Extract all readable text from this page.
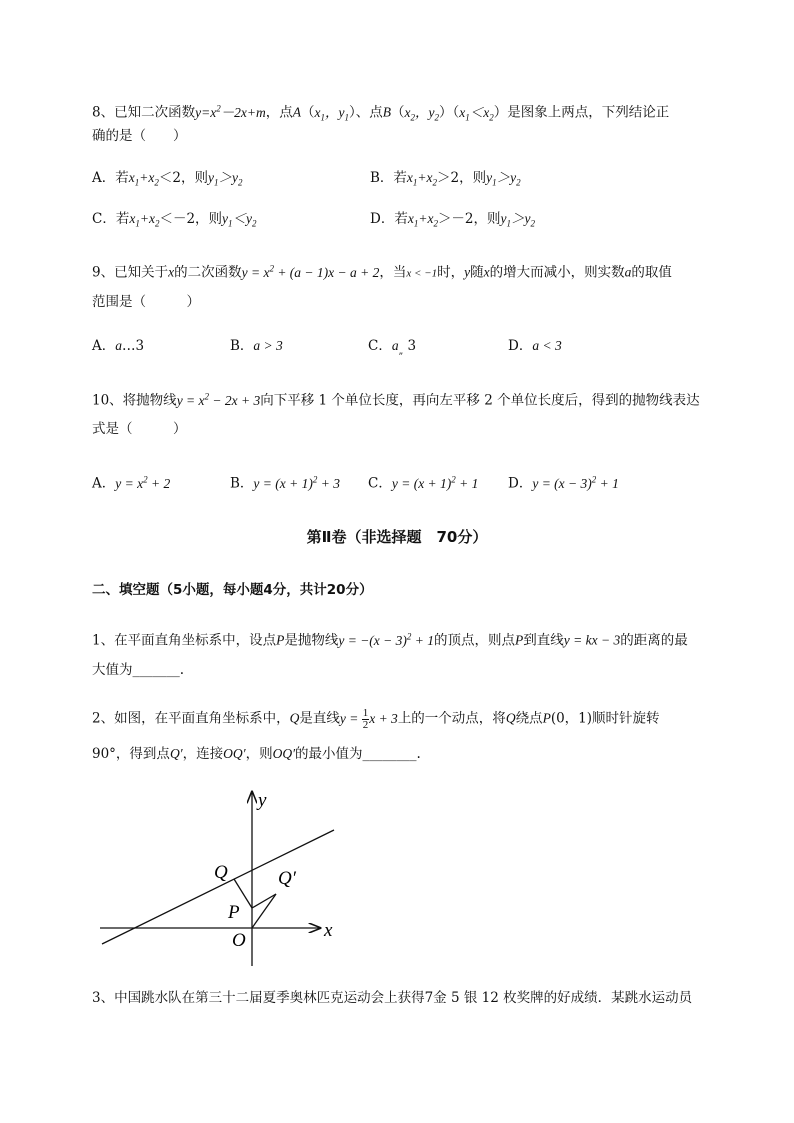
8、已知二次函数$y=x^2-2x+m$，点$A(x_1$，$y_1$）、点$B(x_2$，$y_2)(x_1<x_2)$是图象上两点，下列结论正
确的是（　　）
A．若$x_1+x_2<2$，则$y_1>y_2$	B．若$x_1+x_2>2$，则$y_1>y_2$
C．若$x_1+x_2<-2$，则$y_1<y_2$	D．若$x_1+x_2>-2$，则$y_1>y_2$
9、已知关于x的二次函数$y = x^2 + (a - 1)x - a + 2$，当x < −1时，y随x的增大而减小，则实数a的取值
范围是（　　　）
A．a…3	B．a > 3	C．$a_„$ 3	D．a < 3
10、将抛物线$y = x^2 - 2x + 3$向下平移 1 个单位长度，再向左平移 2 个单位长度后，得到的抛物线表达
式是（　　　）
A．$y = x^2 + 2$	B．$y = (x + 1)^2 + 3$ C．$y = (x + 1)^2 + 1$ D．$y = (x - 3)^2 + 1$
第Ⅱ卷（非选择题　70分）
二、填空题（5小题，每小题4分，共计20分）
1、在平面直角坐标系中，设点P是抛物线$y = -(x - 3)^2 + 1$的顶点，则点P到直线y = kx − 3的距离的最
大值为_______.
2、如图，在平面直角坐标系中，Q是直线$y = \frac{1}{2}$ x + 3上的一个动点，将Q绕点P(0，1)顺时针旋转
90°，得到点Q′，连接OQ′，则OQ′的最小值为________.
y
x
Q	Q′
P
O
3、中国跳水队在第三十二届夏季奥林匹克运动会上获得7金 5 银 12 枚奖牌的好成绩．某跳水运动员
